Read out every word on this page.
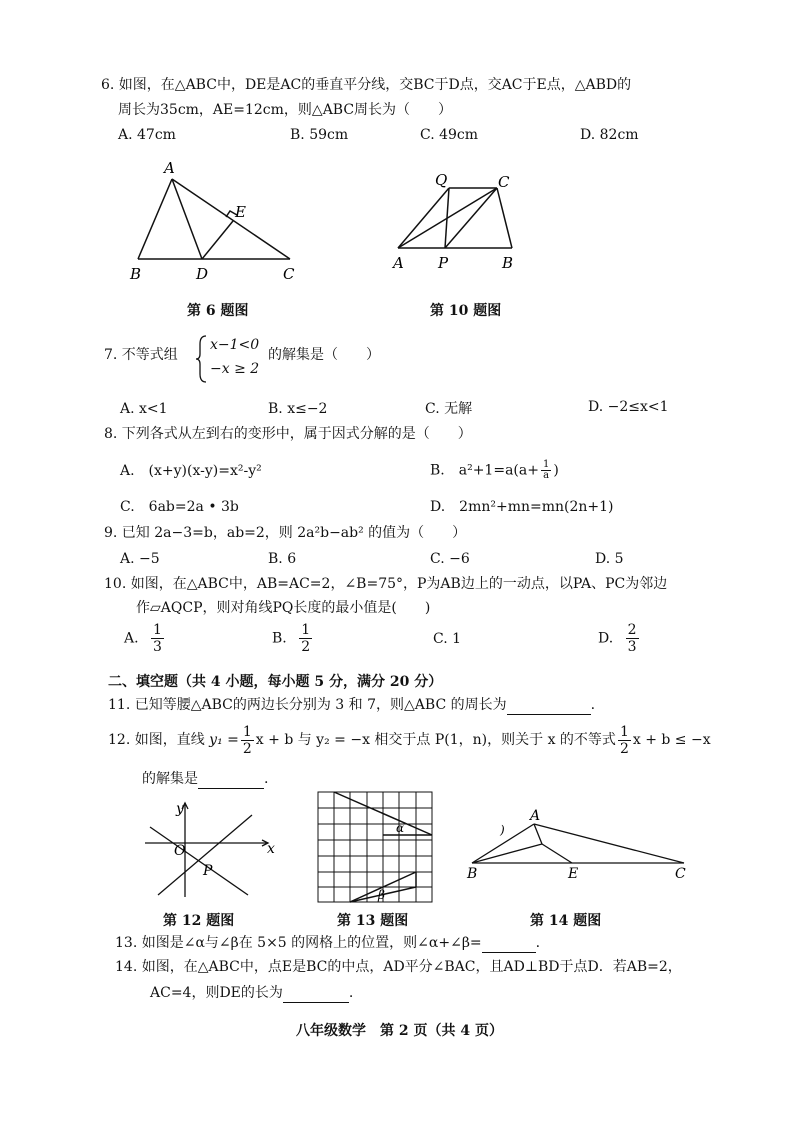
6. 如图，在△ABC中，DE是AC的垂直平分线，交BC于D点，交AC于E点，△ABD的
周长为35cm，AE=12cm，则△ABC周长为（　　）
A. 47cm	B. 59cm	C. 49cm	D. 82cm
A
B	C
D
E
第 6 题图
Q	C
A P	B
第 10 题图
7. 不等式组
x−1<0
−x ≥ 2
的解集是（　　）
A. x<1	B. x≤−2	C. 无解	D. −2≤x<1
8. 下列各式从左到右的变形中，属于因式分解的是（　　）
A.　(x+y)(x-y)=x²-y²	B.　$a^2+1=a(a+ \frac{1}{a}$ )
C.　6ab=2a • 3b	D.　2mn²+mn=mn(2n+1)
9. 已知 2a−3=b，ab=2，则 2a²b−ab² 的值为（　　）
A. −5	B. 6	C. −6	D. 5
10. 如图，在△ABC中，AB=AC=2，∠B=75°，P为AB边上的一动点，以PA、PC为邻边
作▱AQCP，则对角线PQ长度的最小值是(　　)
A. $\frac{1}{3}$	B. $\frac{1}{2}$	C. 1	D. $\frac{2}{3}$
二、填空题（共 4 小题，每小题 5 分，满分 20 分）
11. 已知等腰△ABC的两边长分别为 3 和 7，则△ABC 的周长为	.
12. 如图，直线 $y_1 = \frac{1}{2}$ x + b 与 y₂ = −x 相交于点 P(1，n)，则关于 x 的不等式 $\frac{1}{2}$ x + b ≤ −x
的解集是	.
y
x
O
P
第 12 题图
α
β
第 13 题图
)
A
B	E	C
第 14 题图
13. 如图是∠α与∠β在 5×5 的网格上的位置，则∠α+∠β=	.
14. 如图，在△ABC中，点E是BC的中点，AD平分∠BAC，且AD⊥BD于点D．若AB=2，
AC=4，则DE的长为	.
八年级数学　第 2 页（共 4 页）
